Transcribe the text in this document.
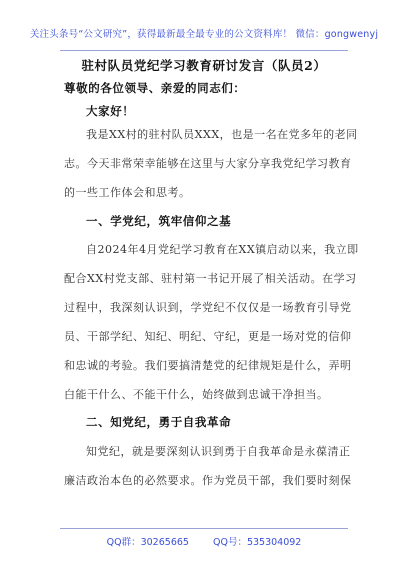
关注头条号“公文研究”，获得最新最全最专业的公文资料库！ 微信：gongwenyj
驻村队员党纪学习教育研讨发言（队员2）
尊敬的各位领导、亲爱的同志们：
大家好！
我是XX村的驻村队员XXX，也是一名在党多年的老同
志。今天非常荣幸能够在这里与大家分享我党纪学习教育
的一些工作体会和思考。
一、学党纪，筑牢信仰之基
自2024年4月党纪学习教育在XX镇启动以来，我立即
配合XX村党支部、驻村第一书记开展了相关活动。在学习
过程中，我深刻认识到，学党纪不仅仅是一场教育引导党
员、干部学纪、知纪、明纪、守纪，更是一场对党的信仰
和忠诚的考验。我们要搞清楚党的纪律规矩是什么，弄明
白能干什么、不能干什么，始终做到忠诚干净担当。
二、知党纪，勇于自我革命
知党纪，就是要深刻认识到勇于自我革命是永葆清正
廉洁政治本色的必然要求。作为党员干部，我们要时刻保
QQ群：30265665	QQ号：535304092
